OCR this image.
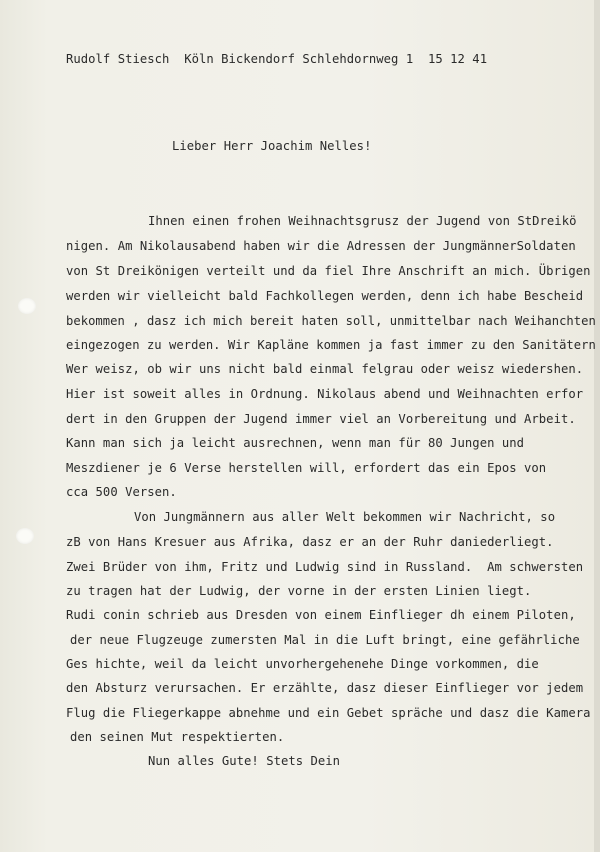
Rudolf Stiesch  Köln Bickendorf Schlehdornweg 1  15 12 41
Lieber Herr Joachim Nelles!
Ihnen einen frohen Weihnachtsgrusz der Jugend von StDreikö
nigen. Am Nikolausabend haben wir die Adressen der JungmännerSoldaten
von St Dreikönigen verteilt und da fiel Ihre Anschrift an mich. Übrigen
werden wir vielleicht bald Fachkollegen werden, denn ich habe Bescheid
bekommen , dasz ich mich bereit haten soll, unmittelbar nach Weihanchten
eingezogen zu werden. Wir Kapläne kommen ja fast immer zu den Sanitätern
Wer weisz, ob wir uns nicht bald einmal felgrau oder weisz wiedershen.
Hier ist soweit alles in Ordnung. Nikolaus abend und Weihnachten erfor
dert in den Gruppen der Jugend immer viel an Vorbereitung und Arbeit.
Kann man sich ja leicht ausrechnen, wenn man für 80 Jungen und
Meszdiener je 6 Verse herstellen will, erfordert das ein Epos von
cca 500 Versen.
Von Jungmännern aus aller Welt bekommen wir Nachricht, so
zB von Hans Kresuer aus Afrika, dasz er an der Ruhr daniederliegt.
Zwei Brüder von ihm, Fritz und Ludwig sind in Russland.  Am schwersten
zu tragen hat der Ludwig, der vorne in der ersten Linien liegt.
Rudi conin schrieb aus Dresden von einem Einflieger dh einem Piloten,
der neue Flugzeuge zumersten Mal in die Luft bringt, eine gefährliche
Ges hichte, weil da leicht unvorhergehenehe Dinge vorkommen, die
den Absturz verursachen. Er erzählte, dasz dieser Einflieger vor jedem
Flug die Fliegerkappe abnehme und ein Gebet spräche und dasz die Kamera
den seinen Mut respektierten.
Nun alles Gute! Stets Dein
